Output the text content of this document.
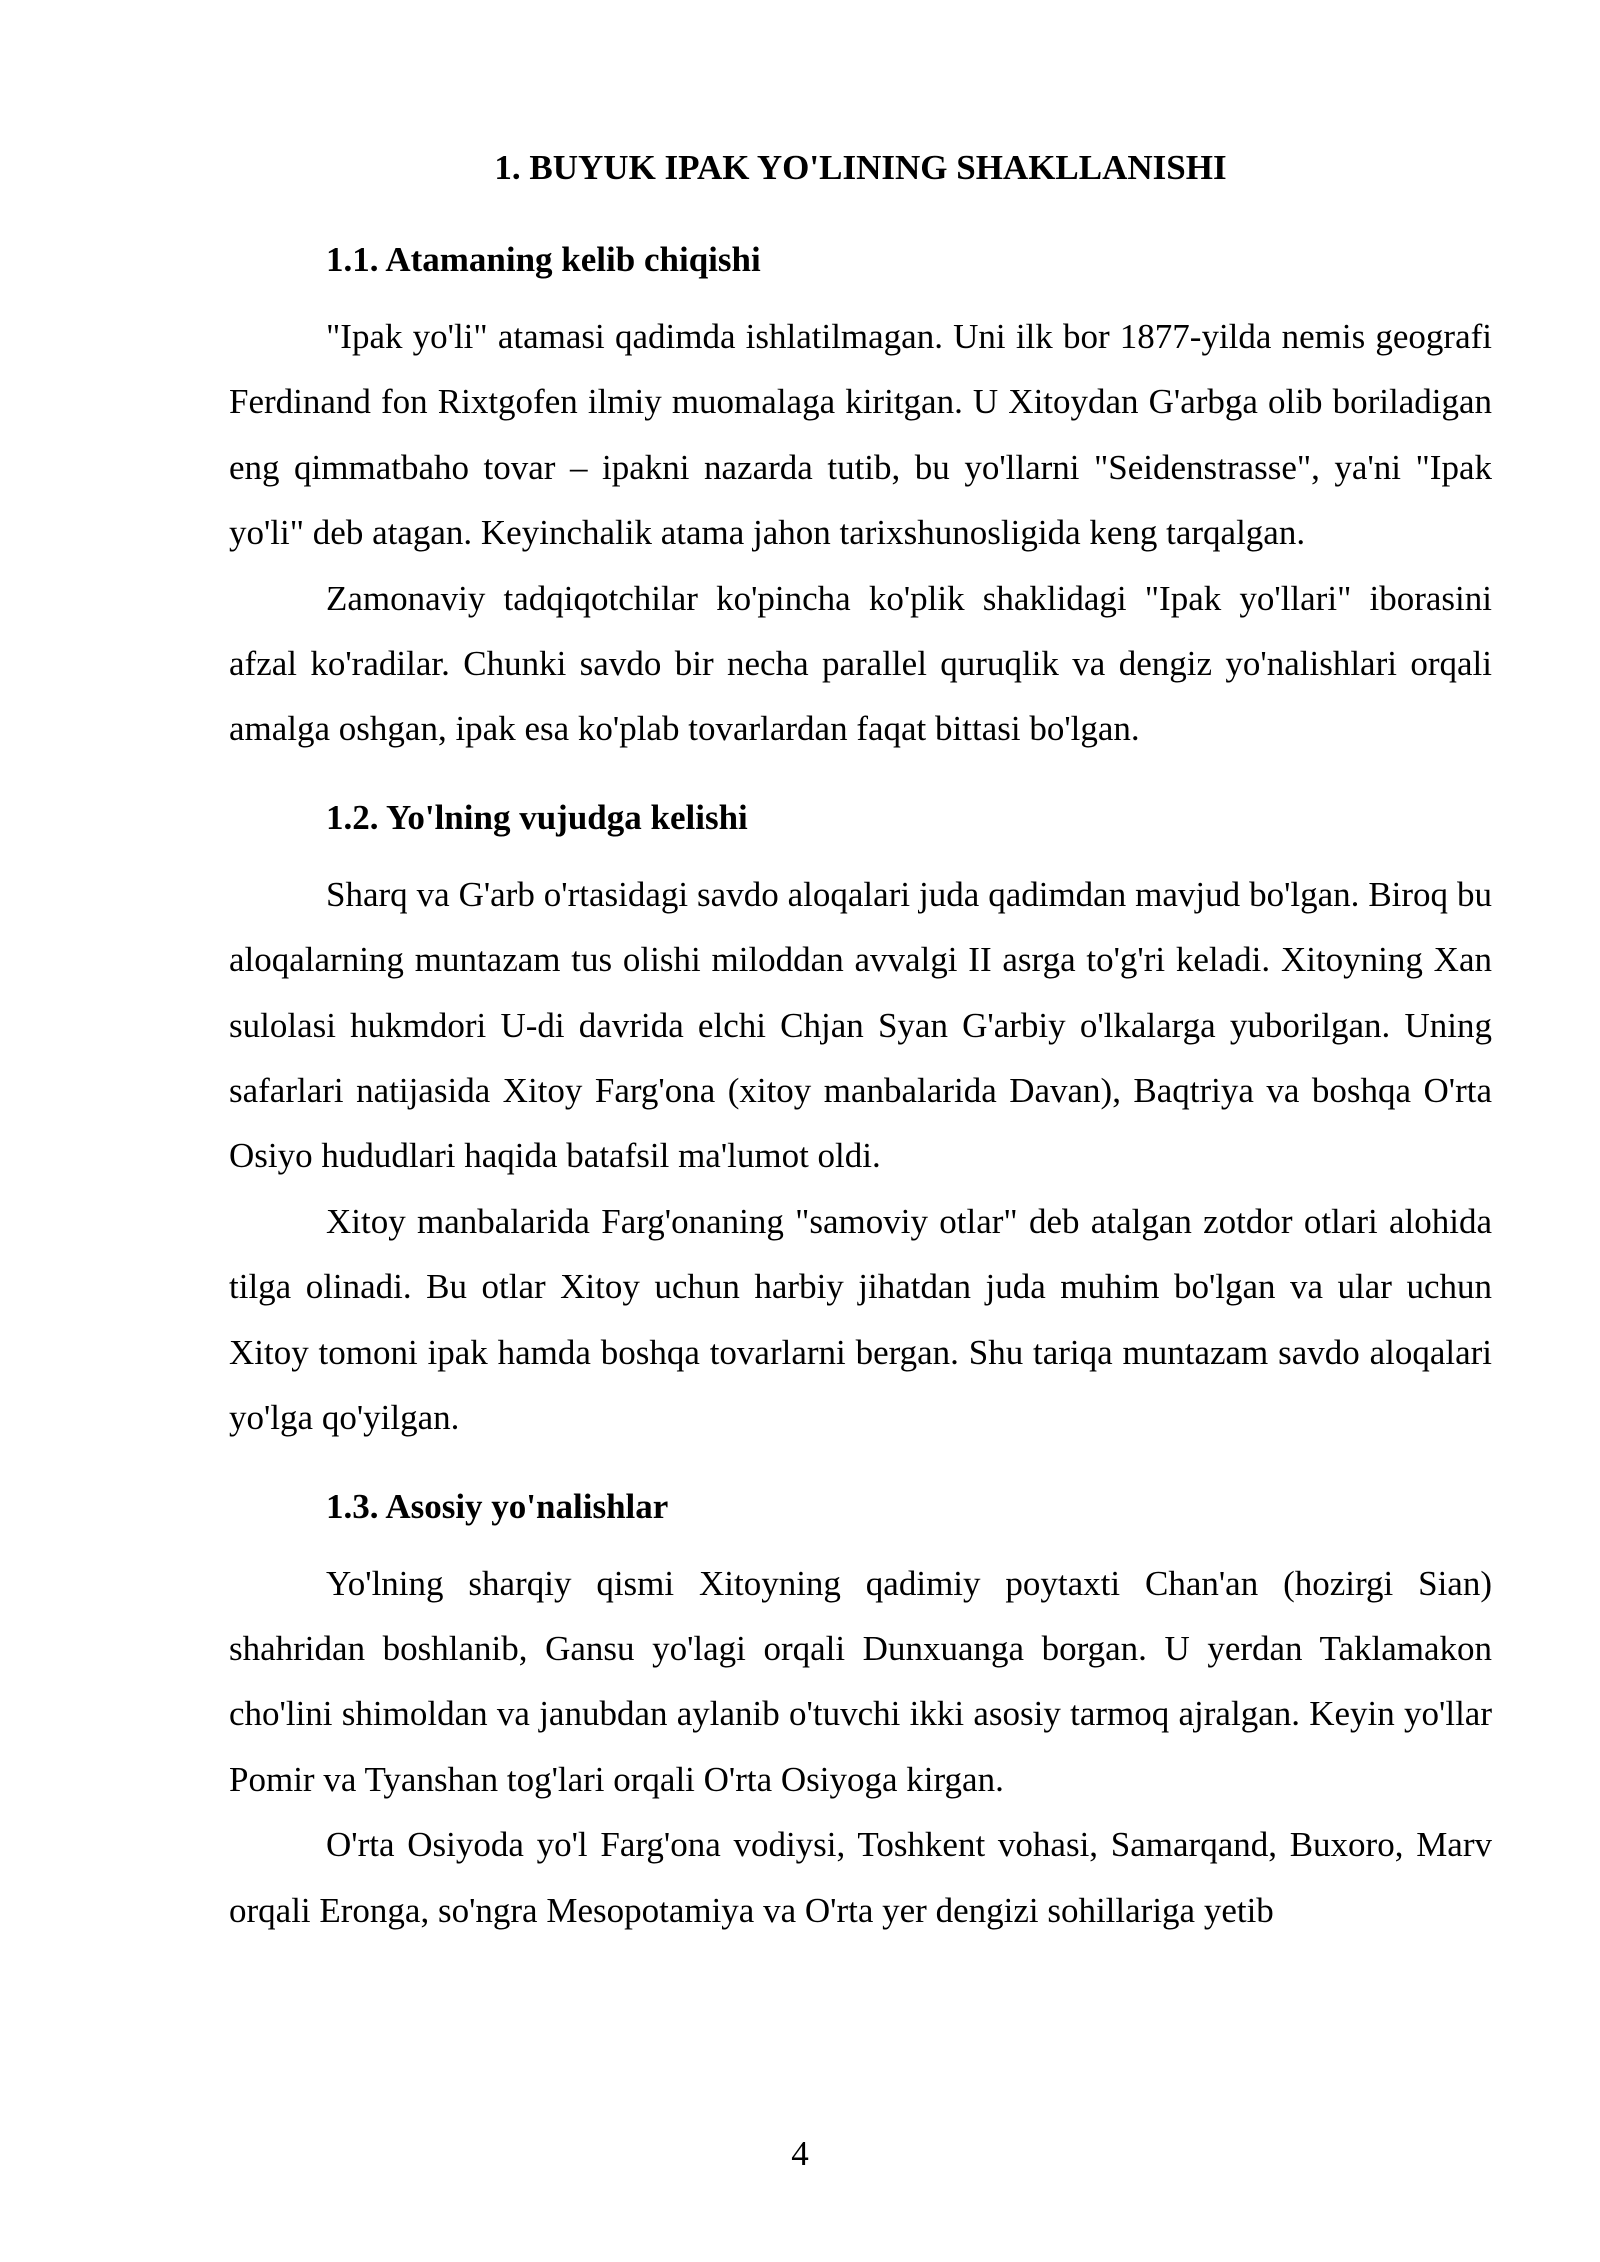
1. BUYUK IPAK YO'LINING SHAKLLANISHI
1.1. Atamaning kelib chiqishi

"Ipak yo'li" atamasi qadimda ishlatilmagan. Uni ilk bor 1877-yilda nemis geografi Ferdinand fon Rixtgofen ilmiy muomalaga kiritgan. U Xitoydan G'arbga olib boriladigan eng qimmatbaho tovar – ipakni nazarda tutib, bu yo'llarni "Seidenstrasse", ya'ni "Ipak yo'li" deb atagan. Keyinchalik atama jahon tarixshunosligida keng tarqalgan.

Zamonaviy tadqiqotchilar ko'pincha ko'plik shaklidagi "Ipak yo'llari" iborasini afzal ko'radilar. Chunki savdo bir necha parallel quruqlik va dengiz yo'nalishlari orqali amalga oshgan, ipak esa ko'plab tovarlardan faqat bittasi bo'lgan.

1.2. Yo'lning vujudga kelishi

Sharq va G'arb o'rtasidagi savdo aloqalari juda qadimdan mavjud bo'lgan. Biroq bu aloqalarning muntazam tus olishi miloddan avvalgi II asrga to'g'ri keladi. Xitoyning Xan sulolasi hukmdori U-di davrida elchi Chjan Syan G'arbiy o'lkalarga yuborilgan. Uning safarlari natijasida Xitoy Farg'ona (xitoy manbalarida Davan), Baqtriya va boshqa O'rta Osiyo hududlari haqida batafsil ma'lumot oldi.

Xitoy manbalarida Farg'onaning "samoviy otlar" deb atalgan zotdor otlari alohida tilga olinadi. Bu otlar Xitoy uchun harbiy jihatdan juda muhim bo'lgan va ular uchun Xitoy tomoni ipak hamda boshqa tovarlarni bergan. Shu tariqa muntazam savdo aloqalari yo'lga qo'yilgan.

1.3. Asosiy yo'nalishlar

Yo'lning sharqiy qismi Xitoyning qadimiy poytaxti Chan'an (hozirgi Sian) shahridan boshlanib, Gansu yo'lagi orqali Dunxuanga borgan. U yerdan Taklamakon cho'lini shimoldan va janubdan aylanib o'tuvchi ikki asosiy tarmoq ajralgan. Keyin yo'llar Pomir va Tyanshan tog'lari orqali O'rta Osiyoga kirgan.

O'rta Osiyoda yo'l Farg'ona vodiysi, Toshkent vohasi, Samarqand, Buxoro, Marv orqali Eronga, so'ngra Mesopotamiya va O'rta yer dengizi sohillariga yetib

4
